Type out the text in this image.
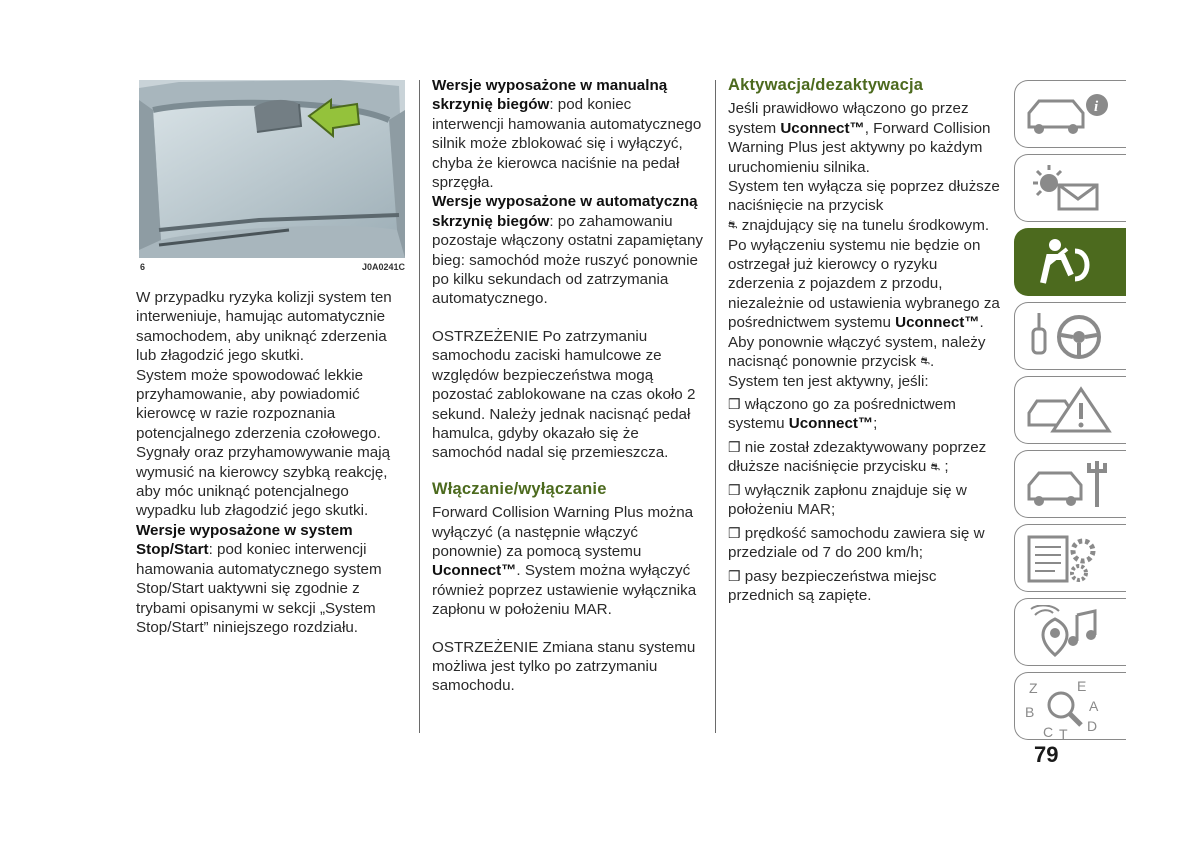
6	J0A0241C

W przypadku ryzyka kolizji system ten interweniuje, hamując automatycznie samochodem, aby uniknąć zderzenia lub złagodzić jego skutki.

System może spowodować lekkie przyhamowanie, aby powiadomić kierowcę w razie rozpoznania potencjalnego zderzenia czołowego. Sygnały oraz przyhamowywanie mają wymusić na kierowcy szybką reakcję, aby móc uniknąć potencjalnego wypadku lub złagodzić jego skutki.

Wersje wyposażone w system Stop/Start: pod koniec interwencji hamowania automatycznego system Stop/Start uaktywni się zgodnie z trybami opisanymi w sekcji „System Stop/Start” niniejszego rozdziału.

Wersje wyposażone w manualną skrzynię biegów: pod koniec interwencji hamowania automatycznego silnik może zblokować się i wyłączyć, chyba że kierowca naciśnie na pedał sprzęgła.

Wersje wyposażone w automatyczną skrzynię biegów: po zahamowaniu pozostaje włączony ostatni zapamiętany bieg: samochód może ruszyć ponownie po kilku sekundach od zatrzymania automatycznego.

OSTRZEŻENIE Po zatrzymaniu samochodu zaciski hamulcowe ze względów bezpieczeństwa mogą pozostać zablokowane na czas około 2 sekund. Należy jednak nacisnąć pedał hamulca, gdyby okazało się że samochód nadal się przemieszcza.

Włączanie/wyłączanie

Forward Collision Warning Plus można wyłączyć (a następnie włączyć ponownie) za pomocą systemu Uconnect™. System można wyłączyć również poprzez ustawienie wyłącznika zapłonu w położeniu MAR.

OSTRZEŻENIE Zmiana stanu systemu możliwa jest tylko po zatrzymaniu samochodu.

Aktywacja/dezaktywacja

Jeśli prawidłowo włączono go przez system Uconnect™, Forward Collision Warning Plus jest aktywny po każdym uruchomieniu silnika.

System ten wyłącza się poprzez dłuższe naciśnięcie na przycisk
⛐ znajdujący się na tunelu środkowym. Po wyłączeniu systemu nie będzie on ostrzegał już kierowcy o ryzyku zderzenia z pojazdem z przodu, niezależnie od ustawienia wybranego za pośrednictwem systemu Uconnect™. Aby ponownie włączyć system, należy nacisnąć ponownie przycisk ⛐.

System ten jest aktywny, jeśli:

❒ włączono go za pośrednictwem systemu Uconnect™;

❒ nie został zdezaktywowany poprzez dłuższe naciśnięcie przycisku ⛐ ;

❒ wyłącznik zapłonu znajduje się w położeniu MAR;

❒ prędkość samochodu zawiera się w przedziale od 7 do 200 km/h;

❒ pasy bezpieczeństwa miejsc przednich są zapięte.

i
Z	E
B	A
C T D
79
